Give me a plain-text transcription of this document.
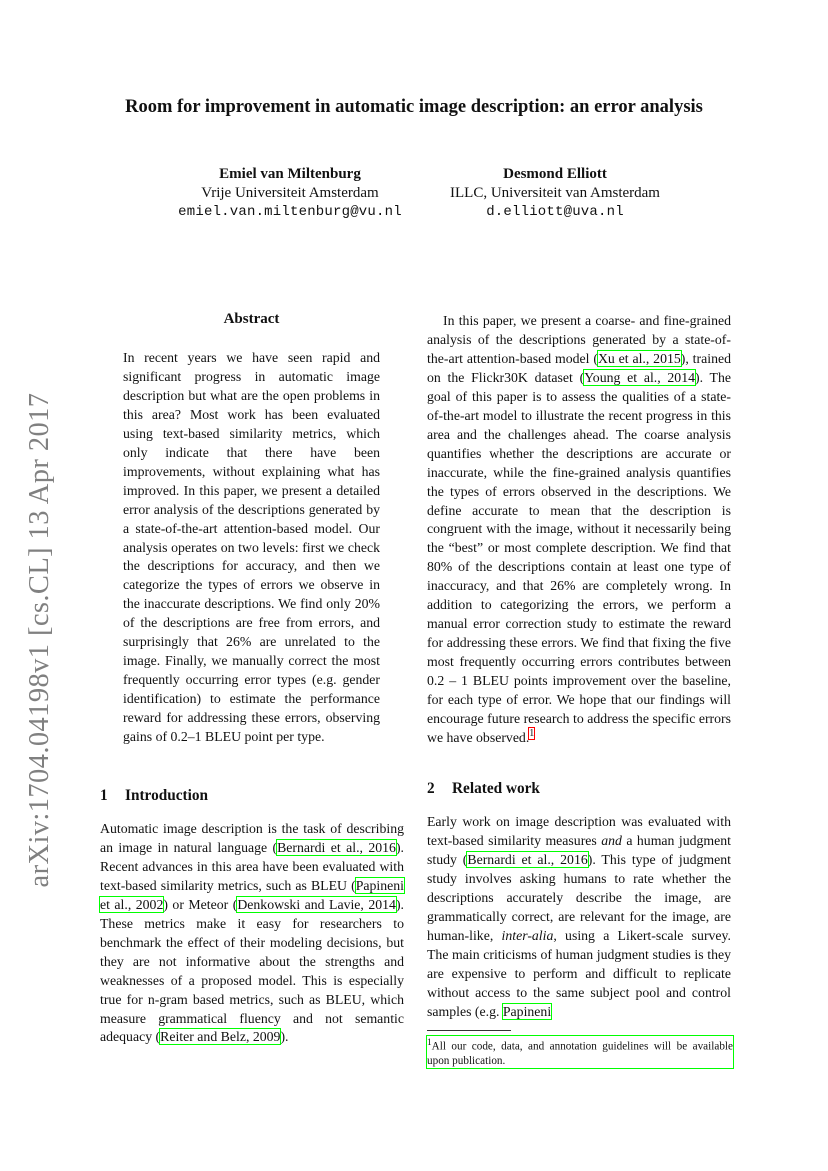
arXiv:1704.04198v1 [cs.CL] 13 Apr 2017
Room for improvement in automatic image description: an error analysis
Emiel van Miltenburg
Vrije Universiteit Amsterdam
emiel.van.miltenburg@vu.nl
Desmond Elliott
ILLC, Universiteit van Amsterdam
d.elliott@uva.nl
Abstract
In recent years we have seen rapid and significant progress in automatic image description but what are the open problems in this area? Most work has been evaluated using text-based similarity metrics, which only indicate that there have been improvements, without explaining what has improved. In this paper, we present a detailed error analysis of the descriptions generated by a state-of-the-art attention-based model. Our analysis operates on two levels: first we check the descriptions for accuracy, and then we categorize the types of errors we observe in the inaccurate descriptions. We find only 20% of the descriptions are free from errors, and surprisingly that 26% are unrelated to the image. Finally, we manually correct the most frequently occurring error types (e.g. gender identification) to estimate the performance reward for addressing these errors, observing gains of 0.2–1 BLEU point per type.
1 Introduction
Automatic image description is the task of describing an image in natural language (Bernardi et al., 2016). Recent advances in this area have been evaluated with text-based similarity metrics, such as BLEU (Papineni et al., 2002) or Meteor (Denkowski and Lavie, 2014). These metrics make it easy for researchers to benchmark the effect of their modeling decisions, but they are not informative about the strengths and weaknesses of a proposed model. This is especially true for n-gram based metrics, such as BLEU, which measure grammatical fluency and not semantic adequacy (Reiter and Belz, 2009).
In this paper, we present a coarse- and fine-grained analysis of the descriptions generated by a state-of-the-art attention-based model (Xu et al., 2015), trained on the Flickr30K dataset (Young et al., 2014). The goal of this paper is to assess the qualities of a state-of-the-art model to illustrate the recent progress in this area and the challenges ahead. The coarse analysis quantifies whether the descriptions are accurate or inaccurate, while the fine-grained analysis quantifies the types of errors observed in the descriptions. We define accurate to mean that the description is congruent with the image, without it necessarily being the “best” or most complete description. We find that 80% of the descriptions contain at least one type of inaccuracy, and that 26% are completely wrong. In addition to categorizing the errors, we perform a manual error correction study to estimate the reward for addressing these errors. We find that fixing the five most frequently occurring errors contributes between 0.2 – 1 BLEU points improvement over the baseline, for each type of error. We hope that our findings will encourage future research to address the specific errors we have observed.$^1$
2 Related work
Early work on image description was evaluated with text-based similarity measures and a human judgment study (Bernardi et al., 2016). This type of judgment study involves asking humans to rate whether the descriptions accurately describe the image, are grammatically correct, are relevant for the image, are human-like, inter-alia, using a Likert-scale survey. The main criticisms of human judgment studies is they are expensive to perform and difficult to replicate without access to the same subject pool and control samples (e.g. Papineni
$^1$All our code, data, and annotation guidelines will be available upon publication.
